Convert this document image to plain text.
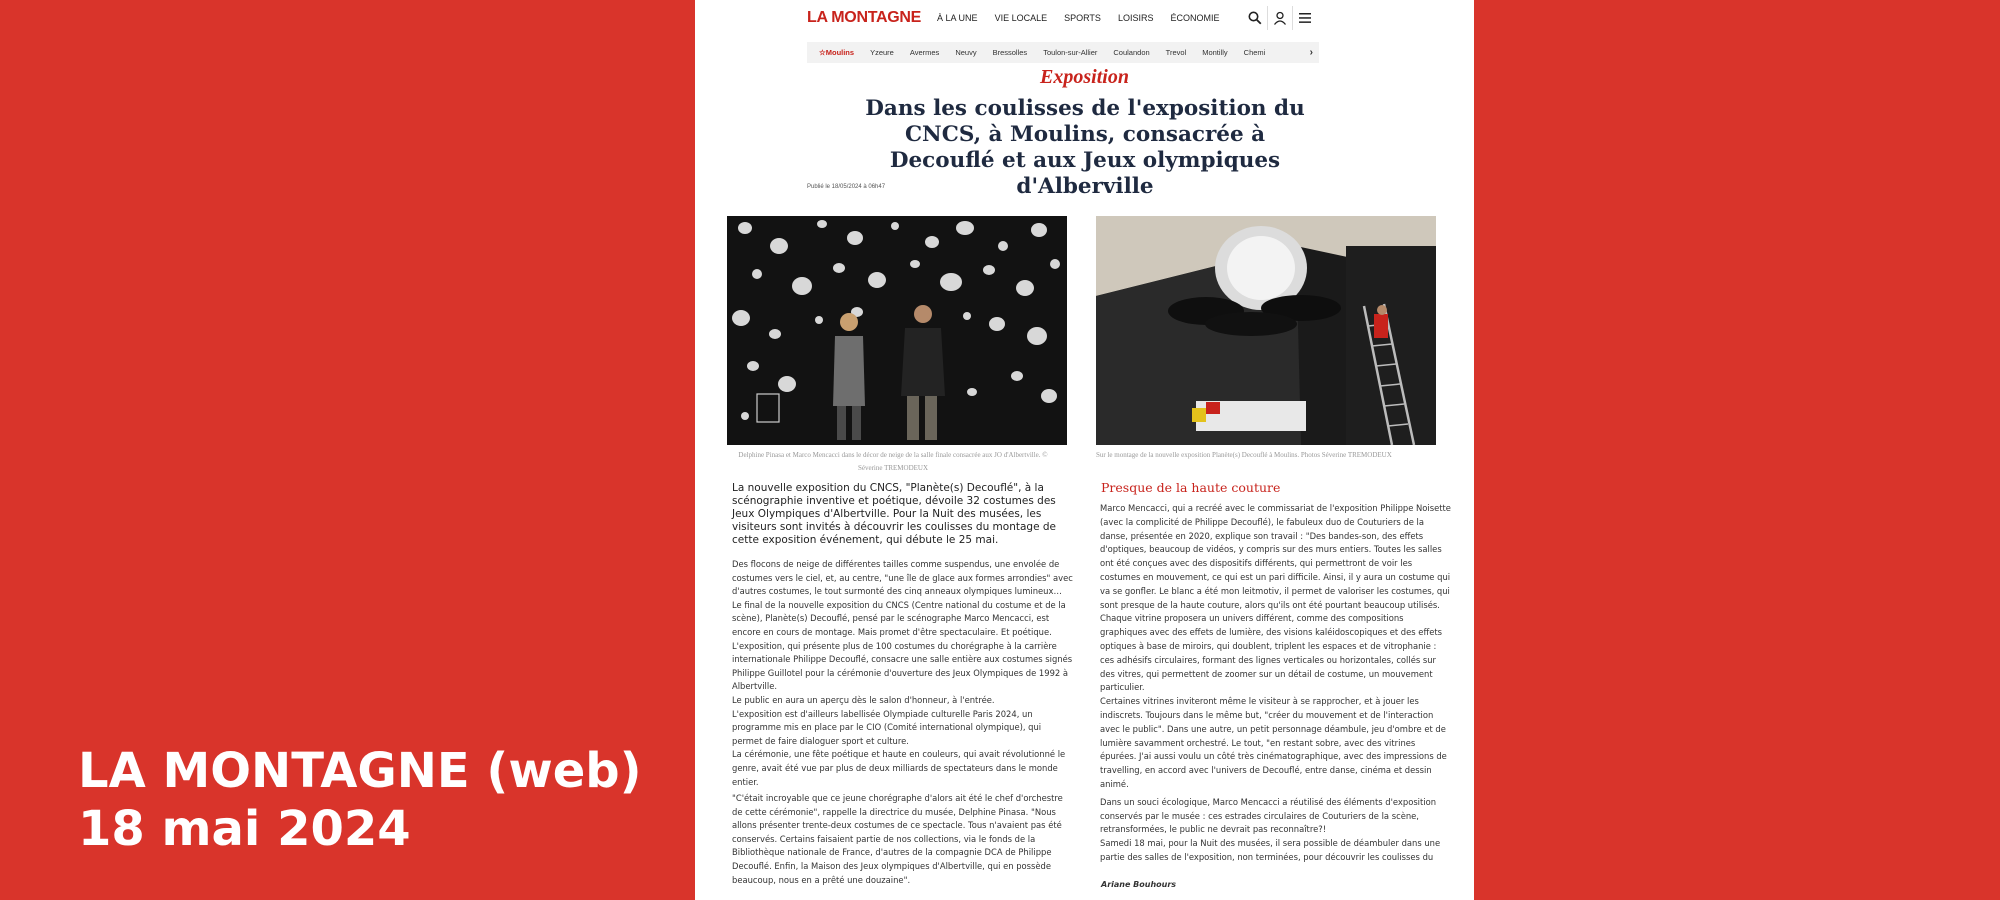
LA MONTAGNE (web)
18 mai 2024
LA MONTAGNE À LA UNE VIE LOCALE SPORTS LOISIRS ÉCONOMIE
☆ Moulins Yzeure Avermes Neuvy Bressolles Toulon-sur-Allier Coulandon Trevol Montilly Chemi	›
Exposition
Dans les coulisses de l'exposition du CNCS, à Moulins, consacrée à Decouflé et aux Jeux olympiques d'Alberville
Publié le 18/05/2024 à 06h47
Delphine Pinasa et Marco Mencacci dans le décor de neige de la salle finale consacrée aux JO d'Albertville. © Séverine TREMODEUX
Sur le montage de la nouvelle exposition Planète(s) Decouflé à Moulins. Photos Séverine TREMODEUX
La nouvelle exposition du CNCS, "Planète(s) Decouflé", à la scénographie inventive et poétique, dévoile 32 costumes des Jeux Olympiques d'Albertville. Pour la Nuit des musées, les visiteurs sont invités à découvrir les coulisses du montage de cette exposition événement, qui débute le 25 mai.

Des flocons de neige de différentes tailles comme suspendus, une envolée de costumes vers le ciel, et, au centre, "une île de glace aux formes arrondies" avec d'autres costumes, le tout surmonté des cinq anneaux olympiques lumineux…

Le final de la nouvelle exposition du CNCS (Centre national du costume et de la scène), Planète(s) Decouflé, pensé par le scénographe Marco Mencacci, est encore en cours de montage. Mais promet d'être spectaculaire. Et poétique. L'exposition, qui présente plus de 100 costumes du chorégraphe à la carrière internationale Philippe Decouflé, consacre une salle entière aux costumes signés Philippe Guillotel pour la cérémonie d'ouverture des Jeux Olympiques de 1992 à Albertville.

Le public en aura un aperçu dès le salon d'honneur, à l'entrée.

L'exposition est d'ailleurs labellisée Olympiade culturelle Paris 2024, un programme mis en place par le CIO (Comité international olympique), qui permet de faire dialoguer sport et culture.

La cérémonie, une fête poétique et haute en couleurs, qui avait révolutionné le genre, avait été vue par plus de deux milliards de spectateurs dans le monde entier.

"C'était incroyable que ce jeune chorégraphe d'alors ait été le chef d'orchestre de cette cérémonie", rappelle la directrice du musée, Delphine Pinasa. "Nous allons présenter trente-deux costumes de ce spectacle. Tous n'avaient pas été conservés. Certains faisaient partie de nos collections, via le fonds de la Bibliothèque nationale de France, d'autres de la compagnie DCA de Philippe Decouflé. Enfin, la Maison des Jeux olympiques d'Albertville, qui en possède beaucoup, nous en a prêté une douzaine".

Presque de la haute couture

Marco Mencacci, qui a recréé avec le commissariat de l'exposition Philippe Noisette (avec la complicité de Philippe Decouflé), le fabuleux duo de Couturiers de la danse, présentée en 2020, explique son travail : "Des bandes-son, des effets d'optiques, beaucoup de vidéos, y compris sur des murs entiers. Toutes les salles ont été conçues avec des dispositifs différents, qui permettront de voir les costumes en mouvement, ce qui est un pari difficile. Ainsi, il y aura un costume qui va se gonfler. Le blanc a été mon leitmotiv, il permet de valoriser les costumes, qui sont presque de la haute couture, alors qu'ils ont été pourtant beaucoup utilisés. Chaque vitrine proposera un univers différent, comme des compositions graphiques avec des effets de lumière, des visions kaléidoscopiques et des effets optiques à base de miroirs, qui doublent, triplent les espaces et de vitrophanie : ces adhésifs circulaires, formant des lignes verticales ou horizontales, collés sur des vitres, qui permettent de zoomer sur un détail de costume, un mouvement particulier.

Certaines vitrines inviteront même le visiteur à se rapprocher, et à jouer les indiscrets. Toujours dans le même but, "créer du mouvement et de l'interaction avec le public". Dans une autre, un petit personnage déambule, jeu d'ombre et de lumière savamment orchestré. Le tout, "en restant sobre, avec des vitrines épurées. J'ai aussi voulu un côté très cinématographique, avec des impressions de travelling, en accord avec l'univers de Decouflé, entre danse, cinéma et dessin animé.

Dans un souci écologique, Marco Mencacci a réutilisé des éléments d'exposition conservés par le musée : ces estrades circulaires de Couturiers de la scène, retransformées, le public ne devrait pas reconnaître?!

Samedi 18 mai, pour la Nuit des musées, il sera possible de déambuler dans une partie des salles de l'exposition, non terminées, pour découvrir les coulisses du

Ariane Bouhours
